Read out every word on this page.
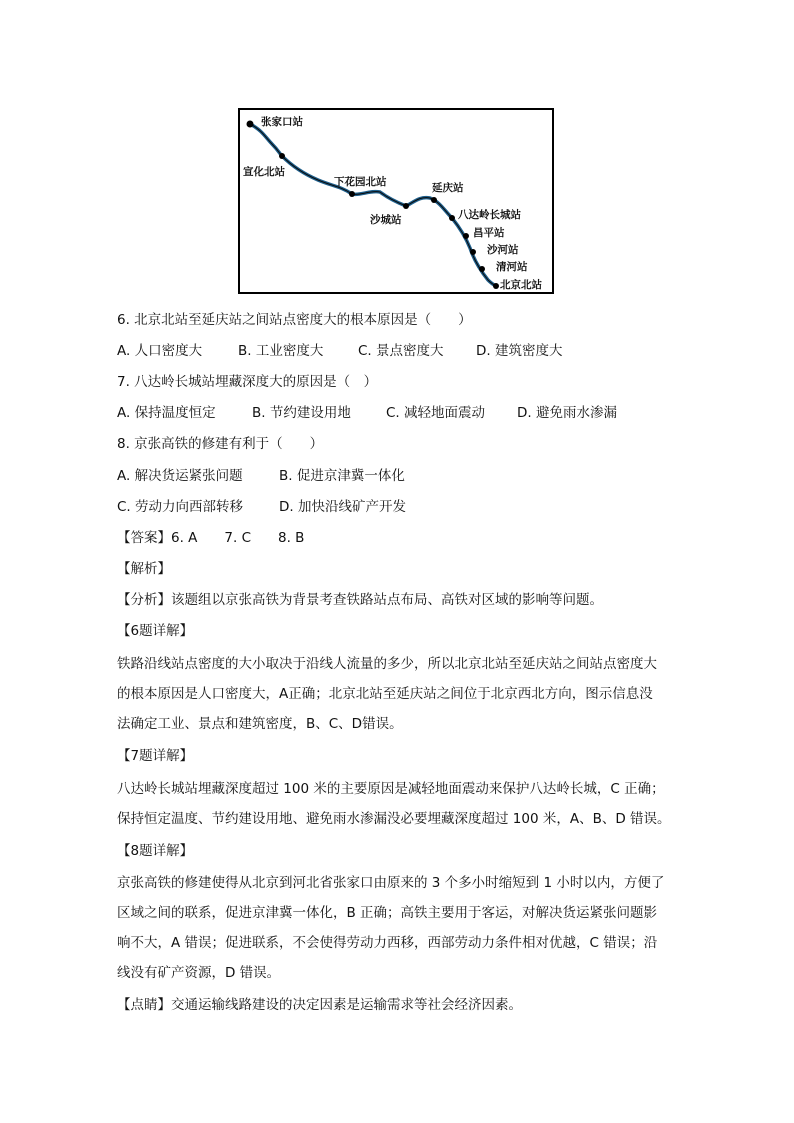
张家口站
宣化北站
下花园北站
沙城站
延庆站
八达岭长城站
昌平站
沙河站
清河站
北京北站
6. 北京北站至延庆站之间站点密度大的根本原因是（　　）
A. 人口密度大	B. 工业密度大	C. 景点密度大 D. 建筑密度大
7. 八达岭长城站埋藏深度大的原因是（　）
A. 保持温度恒定	B. 节约建设用地	C. 减轻地面震动 D. 避免雨水渗漏
8. 京张高铁的修建有利于（　　）
A. 解决货运紧张问题	B. 促进京津冀一体化
C. 劳动力向西部转移	D. 加快沿线矿产开发
【答案】6. A　　7. C　　8. B
【解析】
【分析】该题组以京张高铁为背景考查铁路站点布局、高铁对区域的影响等问题。
【6题详解】
铁路沿线站点密度的大小取决于沿线人流量的多少，所以北京北站至延庆站之间站点密度大
的根本原因是人口密度大，A正确；北京北站至延庆站之间位于北京西北方向，图示信息没
法确定工业、景点和建筑密度，B、C、D错误。
【7题详解】
八达岭长城站埋藏深度超过 100 米的主要原因是减轻地面震动来保护八达岭长城，C 正确；
保持恒定温度、节约建设用地、避免雨水渗漏没必要埋藏深度超过 100 米，A、B、D 错误。
【8题详解】
京张高铁的修建使得从北京到河北省张家口由原来的 3 个多小时缩短到 1 小时以内，方便了
区域之间的联系，促进京津冀一体化，B 正确；高铁主要用于客运，对解决货运紧张问题影
响不大，A 错误；促进联系，不会使得劳动力西移，西部劳动力条件相对优越，C 错误；沿
线没有矿产资源，D 错误。
【点睛】交通运输线路建设的决定因素是运输需求等社会经济因素。
